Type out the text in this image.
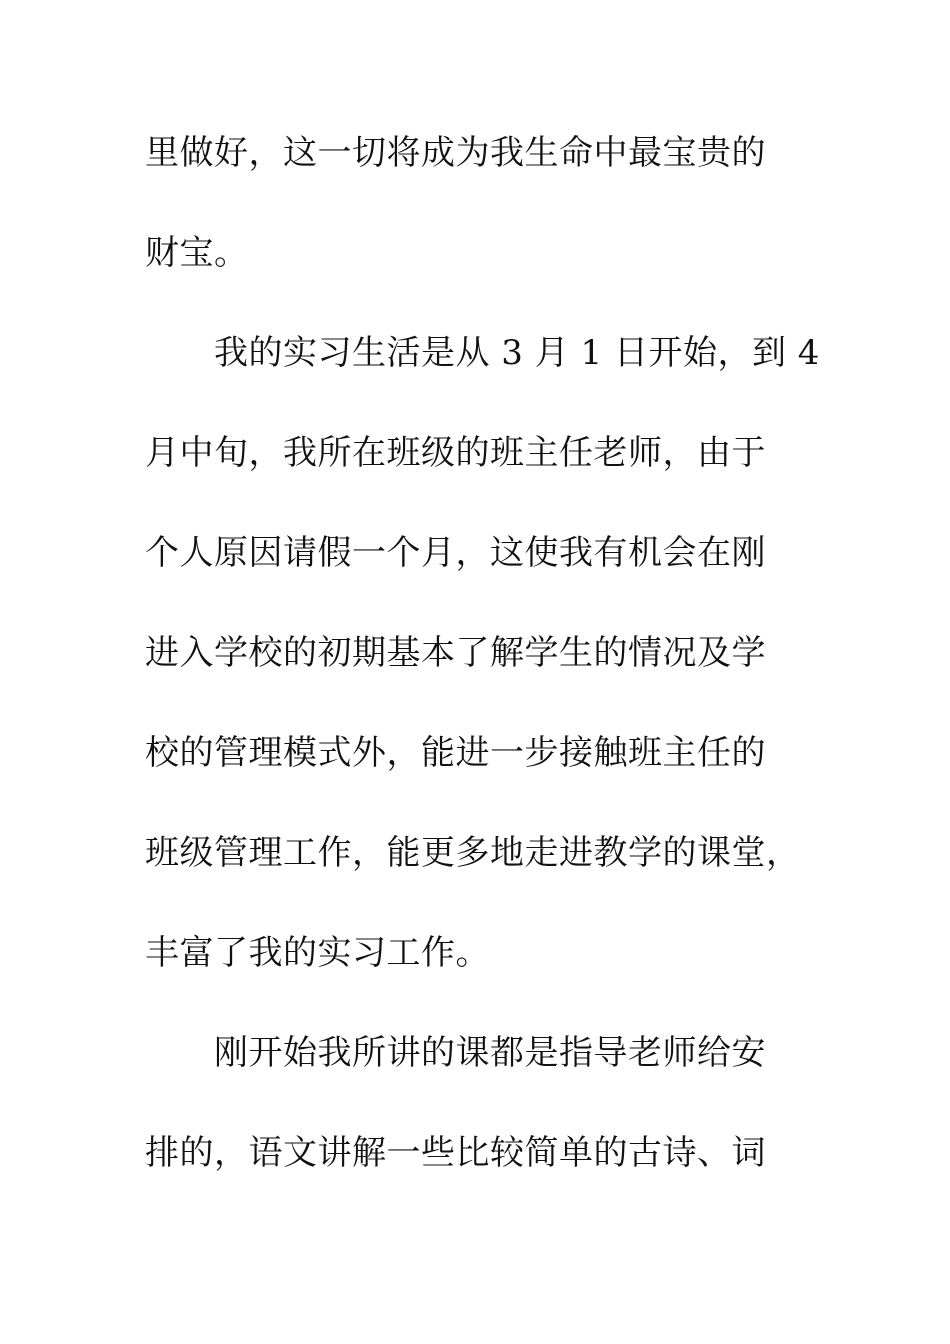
里做好，这一切将成为我生命中最宝贵的
财宝。
我的实习生活是从 3 月 1 日开始，到 4
月中旬，我所在班级的班主任老师，由于
个人原因请假一个月，这使我有机会在刚
进入学校的初期基本了解学生的情况及学
校的管理模式外，能进一步接触班主任的
班级管理工作，能更多地走进教学的课堂，
丰富了我的实习工作。
刚开始我所讲的课都是指导老师给安
排的，语文讲解一些比较简单的古诗、词
